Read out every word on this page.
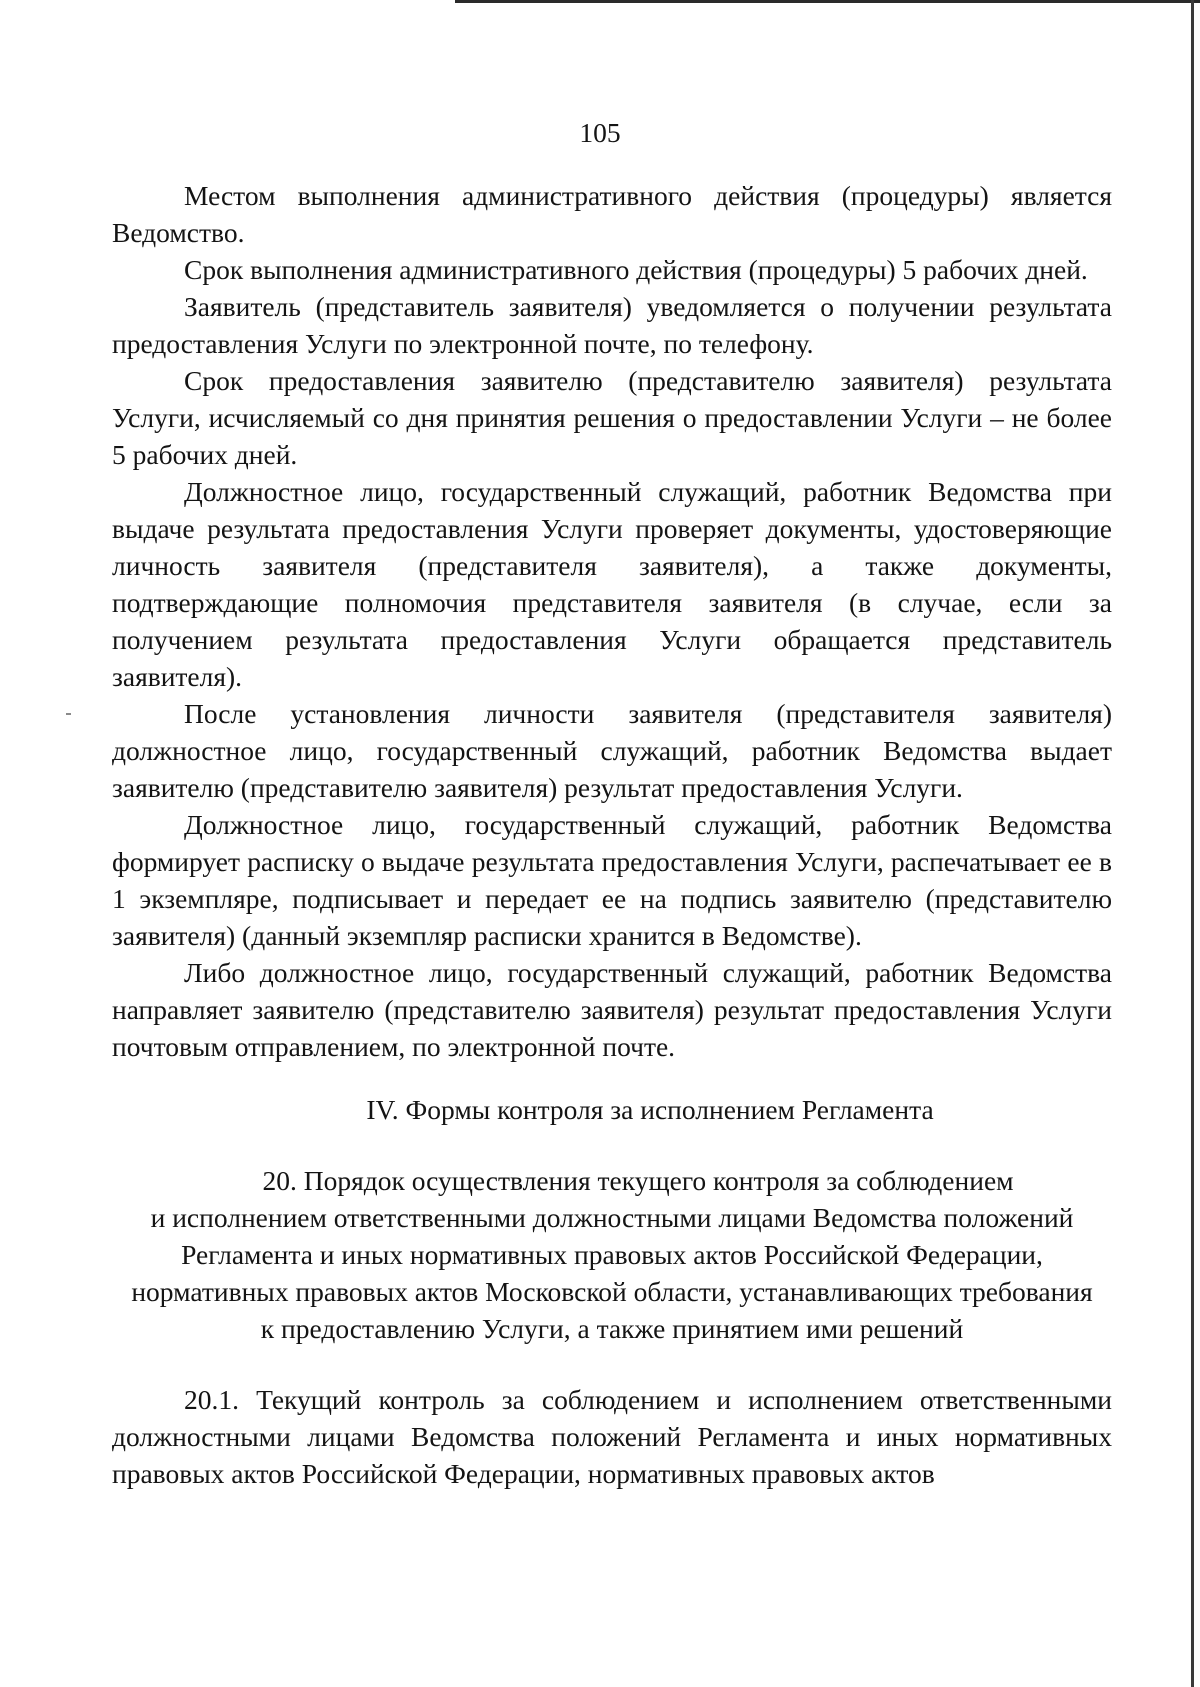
105

Местом выполнения административного действия (процедуры) является Ведомство.

Срок выполнения административного действия (процедуры) 5 рабочих дней.

Заявитель (представитель заявителя) уведомляется о получении результата предоставления Услуги по электронной почте, по телефону.

Срок предоставления заявителю (представителю заявителя) результата Услуги, исчисляемый со дня принятия решения о предоставлении Услуги – не более 5 рабочих дней.

Должностное лицо, государственный служащий, работник Ведомства при выдаче результата предоставления Услуги проверяет документы, удостоверяющие личность заявителя (представителя заявителя), а также документы, подтверждающие полномочия представителя заявителя (в случае, если за получением результата предоставления Услуги обращается представитель заявителя).

После установления личности заявителя (представителя заявителя) должностное лицо, государственный служащий, работник Ведомства выдает заявителю (представителю заявителя) результат предоставления Услуги.

Должностное лицо, государственный служащий, работник Ведомства формирует расписку о выдаче результата предоставления Услуги, распечатывает ее в 1 экземпляре, подписывает и передает ее на подпись заявителю (представителю заявителя) (данный экземпляр расписки хранится в Ведомстве).

Либо должностное лицо, государственный служащий, работник Ведомства направляет заявителю (представителю заявителя) результат предоставления Услуги почтовым отправлением, по электронной почте.

IV. Формы контроля за исполнением Регламента

20. Порядок осуществления текущего контроля за соблюдением
и исполнением ответственными должностными лицами Ведомства положений
Регламента и иных нормативных правовых актов Российской Федерации,
нормативных правовых актов Московской области, устанавливающих требования
к предоставлению Услуги, а также принятием ими решений

20.1. Текущий контроль за соблюдением и исполнением ответственными должностными лицами Ведомства положений Регламента и иных нормативных правовых актов Российской Федерации, нормативных правовых актов
